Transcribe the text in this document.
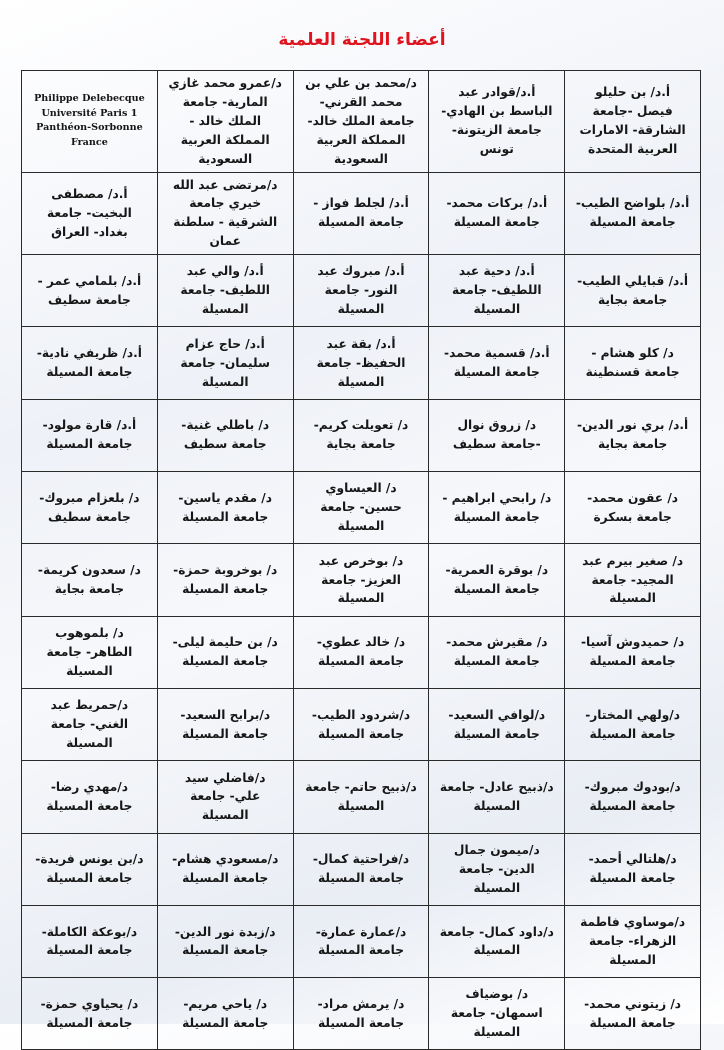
أعضاء اللجنة العلمية
أ.د/ بن حليلو فيصل -جامعة الشارقة- الامارات العربية المتحدة	أ.د/قوادر عبد الباسط بن الهادي-جامعة الزيتونة-تونس	د/محمد بن علي بن محمد القرني-جامعة الملك خالد-المملكة العربية السعودية	د/عمرو محمد غازي المارية- جامعة الملك خالد - المملكة العربية السعودية	Philippe Delebecque Université Paris 1 Panthéon-Sorbonne France
أ.د/ بلواضح الطيب- جامعة المسيلة	أ.د/ بركات محمد- جامعة المسيلة	أ.د/ لجلط فواز - جامعة المسيلة	د/مرتضى عبد الله خيري جامعة الشرقية - سلطنة عمان	أ.د/ مصطفى البخيت- جامعة بغداد- العراق
أ.د/ قبايلي الطيب- جامعة بجاية	أ.د/ دحية عبد اللطيف- جامعة المسيلة	أ.د/ مبروك عبد النور- جامعة المسيلة	أ.د/ والي عبد اللطيف- جامعة المسيلة	أ.د/ بلمامي عمر - جامعة سطيف
د/ كلو هشام - جامعة قسنطينة	أ.د/ قسمية محمد- جامعة المسيلة	أ.د/ بقة عبد الحفيظ- جامعة المسيلة	أ.د/ حاج عزام سليمان- جامعة المسيلة	أ.د/ ظريفي نادية-جامعة المسيلة
أ.د/ بري نور الدين-جامعة بجاية	د/ زروق نوال -جامعة سطيف	د/ تعويلت كريم-جامعة بجاية	د/ باطلي غنية-جامعة سطيف	أ.د/ قارة مولود- جامعة المسيلة
د/ عقون محمد- جامعة بسكرة	د/ رابحي ابراهيم - جامعة المسيلة	د/ العيساوي حسين- جامعة المسيلة	د/ مقدم ياسين- جامعة المسيلة	د/ بلعزام مبروك- جامعة سطيف
د/ صغير بيرم عبد المجيد- جامعة المسيلة	د/ بوقرة العمرية- جامعة المسيلة	د/ بوخرص عبد العزيز- جامعة المسيلة	د/ بوخروبة حمزة- جامعة المسيلة	د/ سعدون كريمة- جامعة بجاية
د/ حميدوش آسيا- جامعة المسيلة	د/ مقيرش محمد- جامعة المسيلة	د/ خالد عطوي- جامعة المسيلة	د/ بن حليمة ليلى- جامعة المسيلة	د/ بلموهوب الطاهر- جامعة المسيلة
د/ولهي المختار- جامعة المسيلة	د/لوافي السعيد- جامعة المسيلة	د/شردود الطيب- جامعة المسيلة	د/برابح السعيد- جامعة المسيلة	د/حمريط عبد الغني- جامعة المسيلة
د/بودوك مبروك- جامعة المسيلة	د/ذبيح عادل- جامعة المسيلة	د/ذبيح حاتم- جامعة المسيلة	د/فاضلي سيد علي- جامعة المسيلة	د/مهدي رضا- جامعة المسيلة
د/هلتالي أحمد- جامعة المسيلة	د/ميمون جمال الدين- جامعة المسيلة	د/فراحتية كمال- جامعة المسيلة	د/مسعودي هشام- جامعة المسيلة	د/بن يونس فريدة- جامعة المسيلة
د/موساوي فاطمة الزهراء- جامعة المسيلة	د/داود كمال- جامعة المسيلة	د/عمارة عمارة- جامعة المسيلة	د/زبدة نور الدين- جامعة المسيلة	د/بوعكة الكاملة- جامعة المسيلة
د/ زيتوني محمد- جامعة المسيلة	د/ بوضياف اسمهان- جامعة المسيلة	د/ يرمش مراد- جامعة المسيلة	د/ ياحي مريم- جامعة المسيلة	د/ يحياوي حمزة- جامعة المسيلة
